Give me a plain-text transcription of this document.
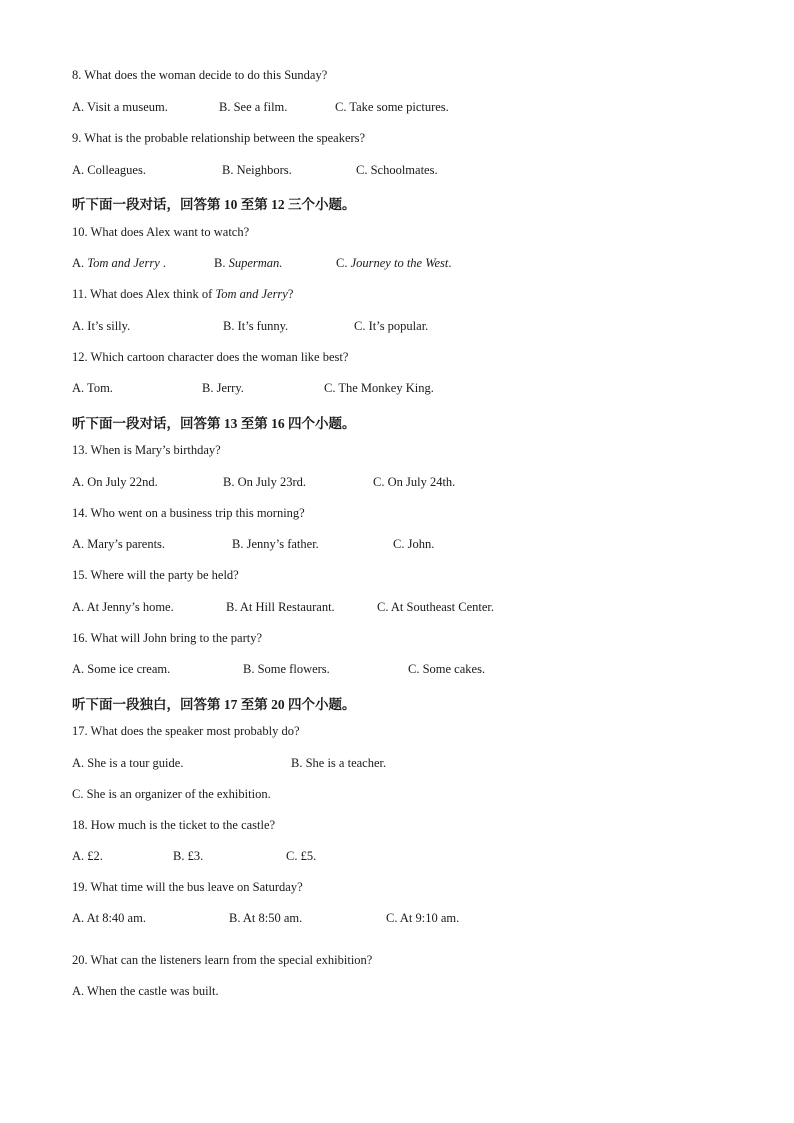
8. What does the woman decide to do this Sunday?
A. Visit a museum.	B. See a film.	C. Take some pictures.
9. What is the probable relationship between the speakers?
A. Colleagues.	B. Neighbors.	C. Schoolmates.
听下面一段对话，回答第 10 至第 12 三个小题。
10. What does Alex want to watch?
A. Tom and Jerry .	B. Superman.	C. Journey to the West.
11. What does Alex think of Tom and Jerry?
A. It’s silly.	B. It’s funny.	C. It’s popular.
12. Which cartoon character does the woman like best?
A. Tom.	B. Jerry.	C. The Monkey King.
听下面一段对话，回答第 13 至第 16 四个小题。
13. When is Mary’s birthday?
A. On July 22nd.	B. On July 23rd.	C. On July 24th.
14. Who went on a business trip this morning?
A. Mary’s parents.	B. Jenny’s father.	C. John.
15. Where will the party be held?
A. At Jenny’s home.	B. At Hill Restaurant.	C. At Southeast Center.
16. What will John bring to the party?
A. Some ice cream.	B. Some flowers.	C. Some cakes.
听下面一段独白，回答第 17 至第 20 四个小题。
17. What does the speaker most probably do?
A. She is a tour guide.	B. She is a teacher.
C. She is an organizer of the exhibition.
18. How much is the ticket to the castle?
A. £2.	B. £3.	C. £5.
19. What time will the bus leave on Saturday?
A. At 8:40 am.	B. At 8:50 am.	C. At 9:10 am.
20. What can the listeners learn from the special exhibition?
A. When the castle was built.
